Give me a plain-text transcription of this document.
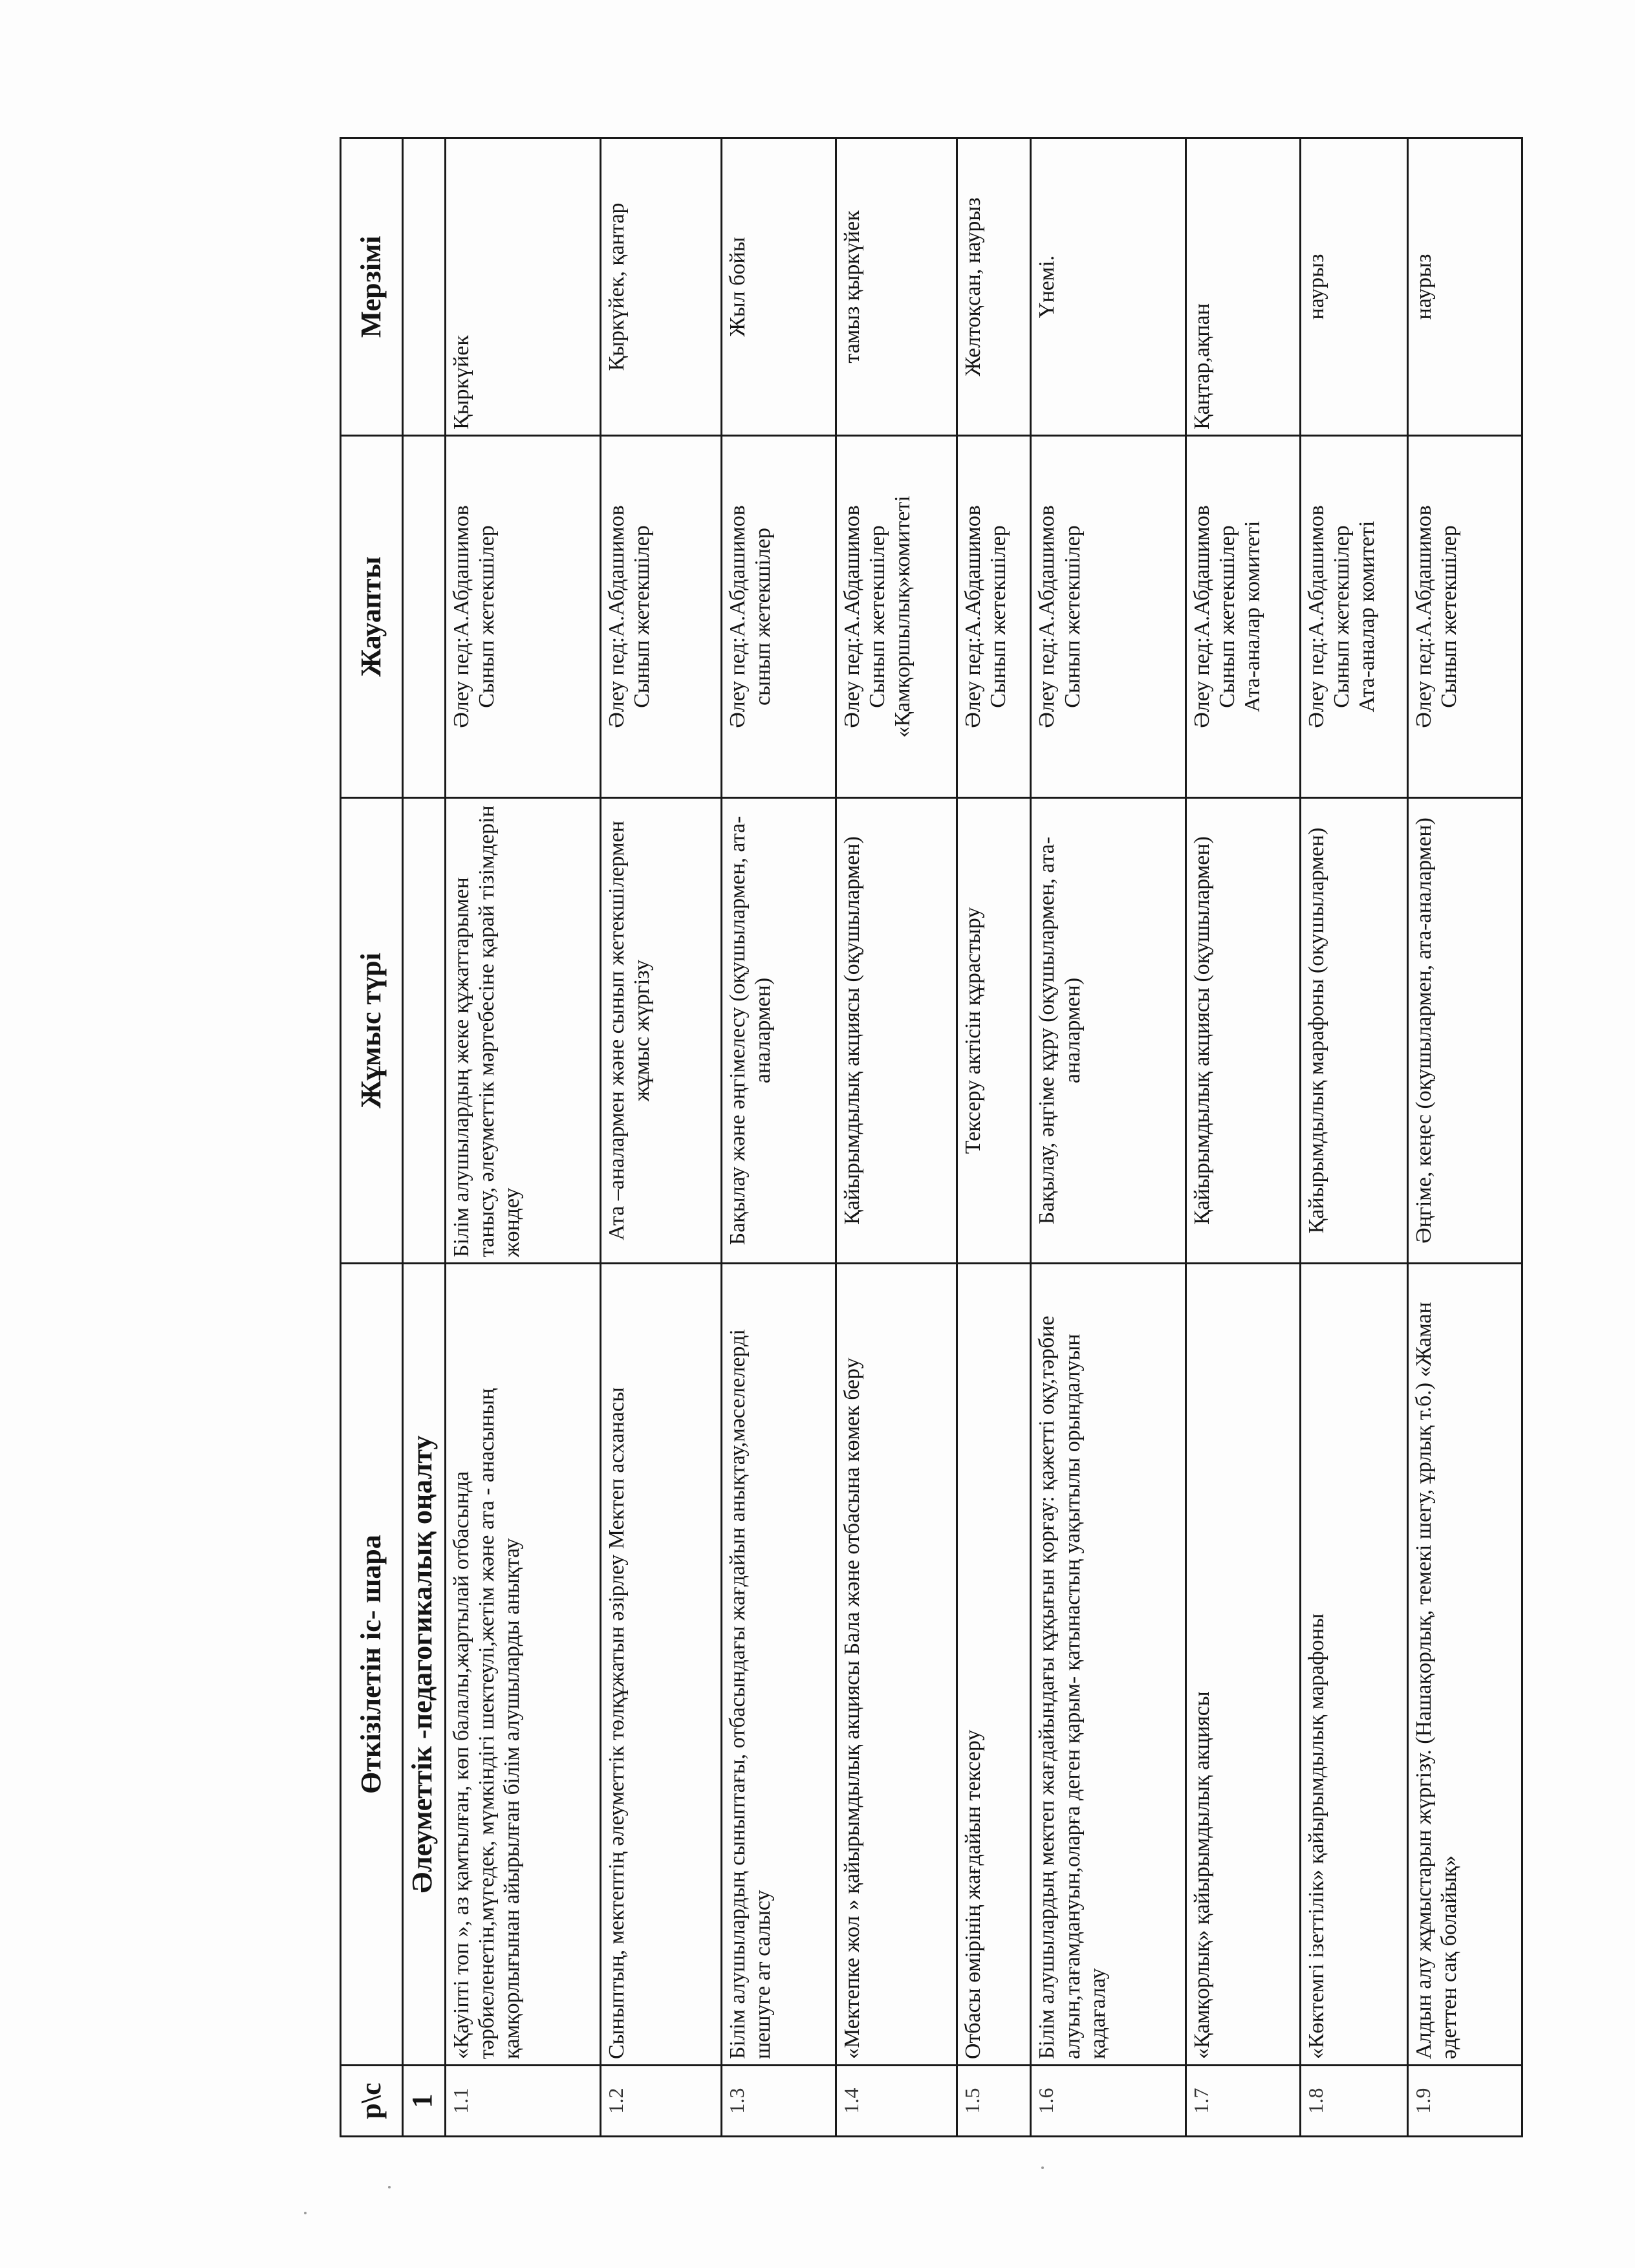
р\с	Өткізілетін іс- шара	Жұмыс түрі	Жауапты	Мерзімі
1	Әлеуметтік -педагогикалық оңалту			
1.1	«Қауіпті топ », аз қамтылған, көп балалы,жартылай отбасында тәрбиеленетін,мүгедек, мүмкіндігі шектеулі,жетім және ата - анасының қамқорлығынан айырылған білім алушыларды анықтау	Білім алушылардың жеке құжаттарымен танысу, әлеуметтік мәртебесіне қарай тізімдерін жөндеу	Әлеу пед:А.Абдашимов Сынып жетекшілер	Қыркүйек
1.2	Сыныптың, мектептің әлеуметтік төлқұжатын әзірлеу Мектеп асханасы	Ата –аналармен және сынып жетекшілермен жұмыс жүргізу	Әлеу пед:А.Абдашимов Сынып жетекшілер	Қыркүйек, қантар
1.3	Білім алушылардың сыныптағы, отбасындағы жағдайын анықтау,мәселелерді шешуге ат салысу	Бақылау және әңгімелесу (оқушылармен, ата-аналармен)	Әлеу пед:А.Абдашимов сынып жетекшілер	Жыл бойы
1.4	«Мектепке жол » қайырымдылық акциясы Бала және отбасына көмек беру	Қайырымдылық акциясы (оқушылармен)	Әлеу пед:А.Абдашимов Сынып жетекшілер «Қамқоршылық»комитеті	тамыз қыркүйек
1.5	Отбасы өмірінің жағдайын тексеру	Тексеру актісін құрастыру	Әлеу пед:А.Абдашимов Сынып жетекшілер	Желтоқсан, наурыз
1.6	Білім алушылардың мектеп жағдайындағы құқығын қорғау: қажетті оқу,тәрбие алуын,тағамдануын,оларға деген қарым- қатынастың уақытылы орындалуын қадағалау	Бақылау, әңгіме құру (оқушылармен, ата-аналармен)	Әлеу пед:А.Абдашимов Сынып жетекшілер	Үнемі.
1.7	«Қамқорлық» қайырымдылық акциясы	Қайырымдылық акциясы (оқушылармен)	Әлеу пед:А.Абдашимов Сынып жетекшілер Ата-аналар комитеті	Қаңтар,ақпан
1.8	«Көктемгі ізеттілік» қайырымдылық марафоны	Қайырымдылық марафоны (оқушылармен)	Әлеу пед:А.Абдашимов Сынып жетекшілер Ата-аналар комитеті	наурыз
1.9	Алдын алу жұмыстарын жүргізу. (Нашақорлық, темекі шегу, ұрлық т.б.) «Жаман әдеттен сақ болайық»	Әңгіме, кеңес (оқушылармен, ата-аналармен)	Әлеу пед:А.Абдашимов Сынып жетекшілер	наурыз
